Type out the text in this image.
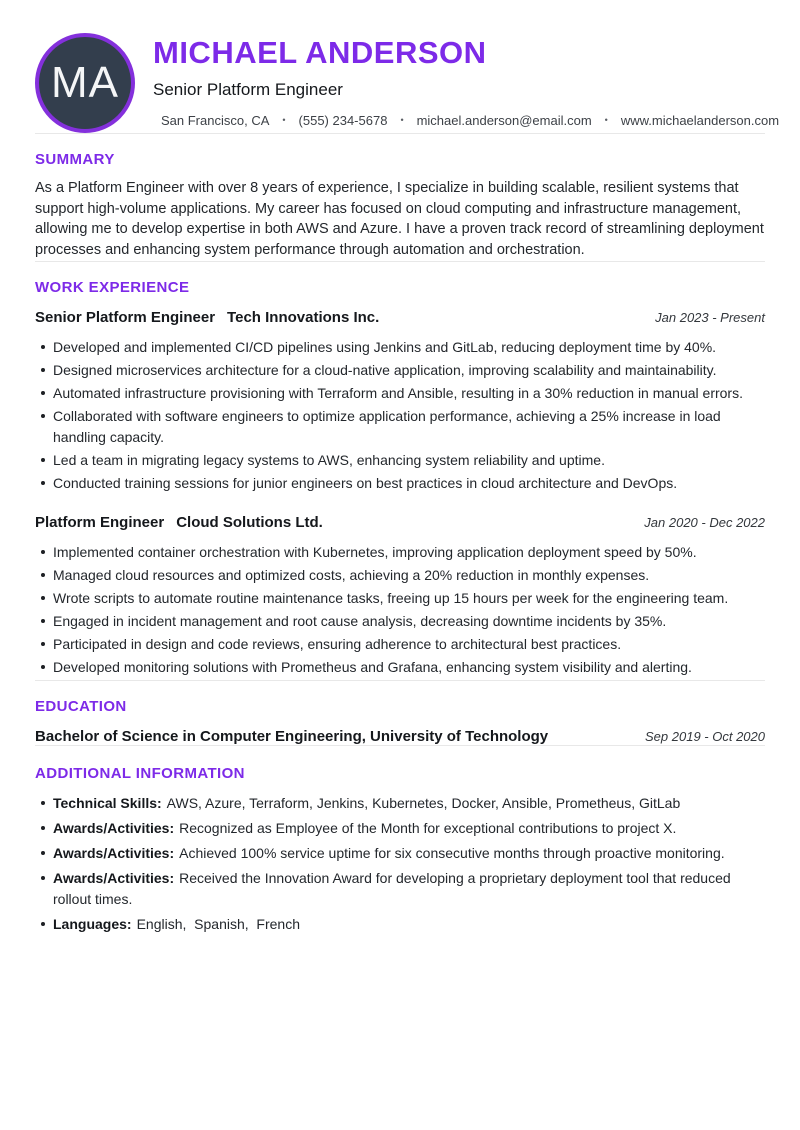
MA
MICHAEL ANDERSON
Senior Platform Engineer
San Francisco, CA • (555) 234-5678 • michael.anderson@email.com • www.michaelanderson.com
SUMMARY

As a Platform Engineer with over 8 years of experience, I specialize in building scalable, resilient systems that support high-volume applications. My career has focused on cloud computing and infrastructure management, allowing me to develop expertise in both AWS and Azure. I have a proven track record of streamlining deployment processes and enhancing system performance through automation and orchestration.

WORK EXPERIENCE
Senior Platform Engineer Tech Innovations Inc.	Jan 2023 - Present
Developed and implemented CI/CD pipelines using Jenkins and GitLab, reducing deployment time by 40%.
Designed microservices architecture for a cloud-native application, improving scalability and maintainability.
Automated infrastructure provisioning with Terraform and Ansible, resulting in a 30% reduction in manual errors.
Collaborated with software engineers to optimize application performance, achieving a 25% increase in load handling capacity.
Led a team in migrating legacy systems to AWS, enhancing system reliability and uptime.
Conducted training sessions for junior engineers on best practices in cloud architecture and DevOps.
Platform Engineer Cloud Solutions Ltd.	Jan 2020 - Dec 2022
Implemented container orchestration with Kubernetes, improving application deployment speed by 50%.
Managed cloud resources and optimized costs, achieving a 20% reduction in monthly expenses.
Wrote scripts to automate routine maintenance tasks, freeing up 15 hours per week for the engineering team.
Engaged in incident management and root cause analysis, decreasing downtime incidents by 35%.
Participated in design and code reviews, ensuring adherence to architectural best practices.
Developed monitoring solutions with Prometheus and Grafana, enhancing system visibility and alerting.
EDUCATION
Bachelor of Science in Computer Engineering, University of Technology	Sep 2019 - Oct 2020
ADDITIONAL INFORMATION
Technical Skills: AWS, Azure, Terraform, Jenkins, Kubernetes, Docker, Ansible, Prometheus, GitLab
Awards/Activities: Recognized as Employee of the Month for exceptional contributions to project X.
Awards/Activities: Achieved 100% service uptime for six consecutive months through proactive monitoring.
Awards/Activities: Received the Innovation Award for developing a proprietary deployment tool that reduced rollout times.
Languages: English,  Spanish,  French
